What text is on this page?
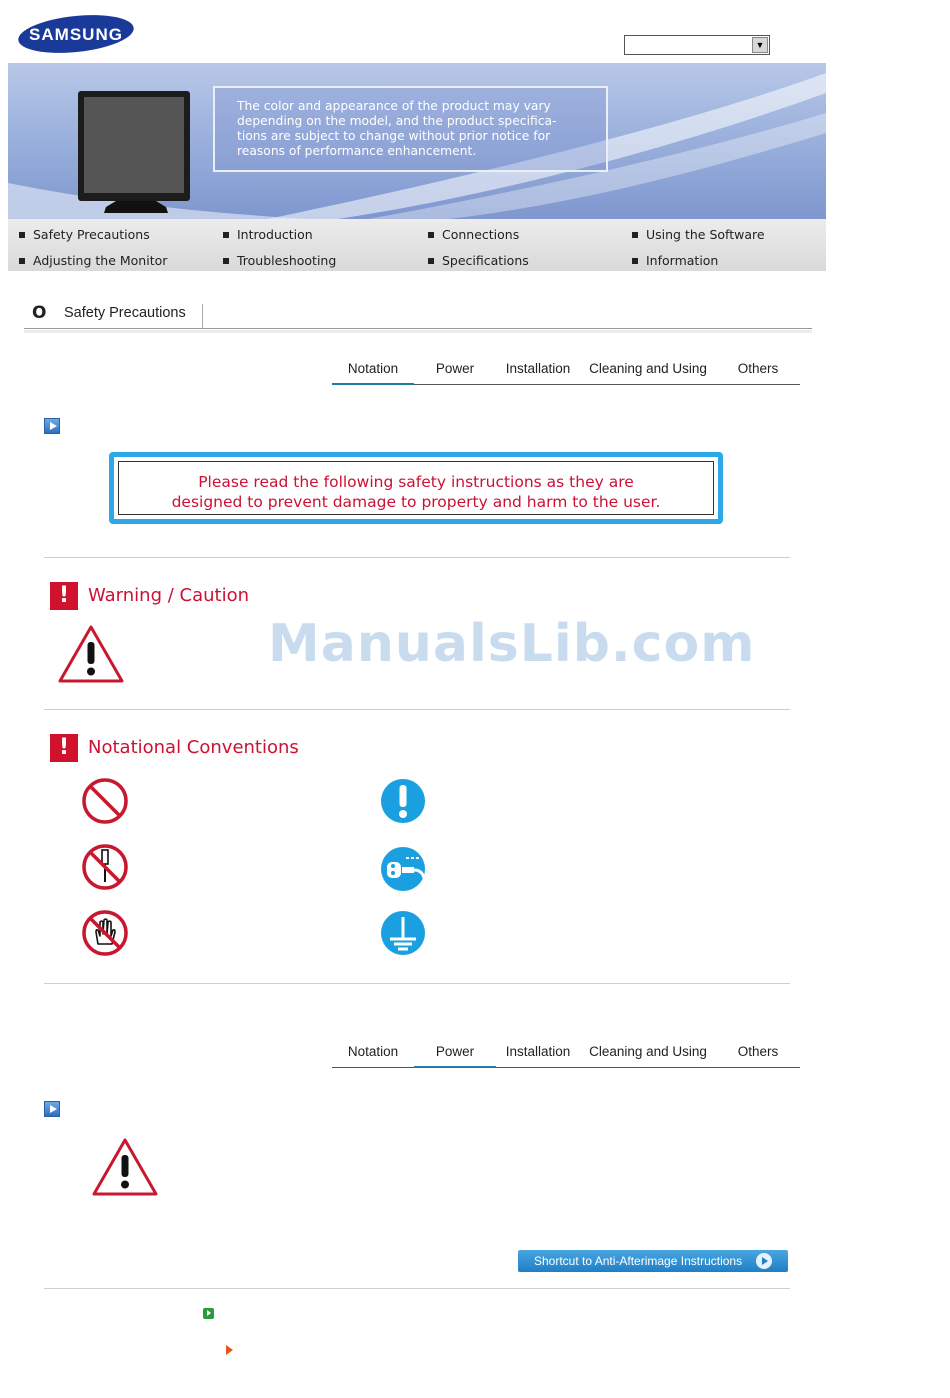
SAMSUNG
▼
The color and appearance of the product may vary
depending on the model, and the product specifica-
tions are subject to change without prior notice for
reasons of performance enhancement.
Safety Precautions	Introduction	Connections	Using the Software
Adjusting the Monitor	Troubleshooting	Specifications	Information
O Safety Precautions
Notation	Power	Installation	Cleaning and Using	Others
Please read the following safety instructions as they are
designed to prevent damage to property and harm to the user.
!	Warning / Caution
ManualsLib.com
!	Notational Conventions
Notation	Power	Installation	Cleaning and Using	Others
Shortcut to Anti-Afterimage Instructions
